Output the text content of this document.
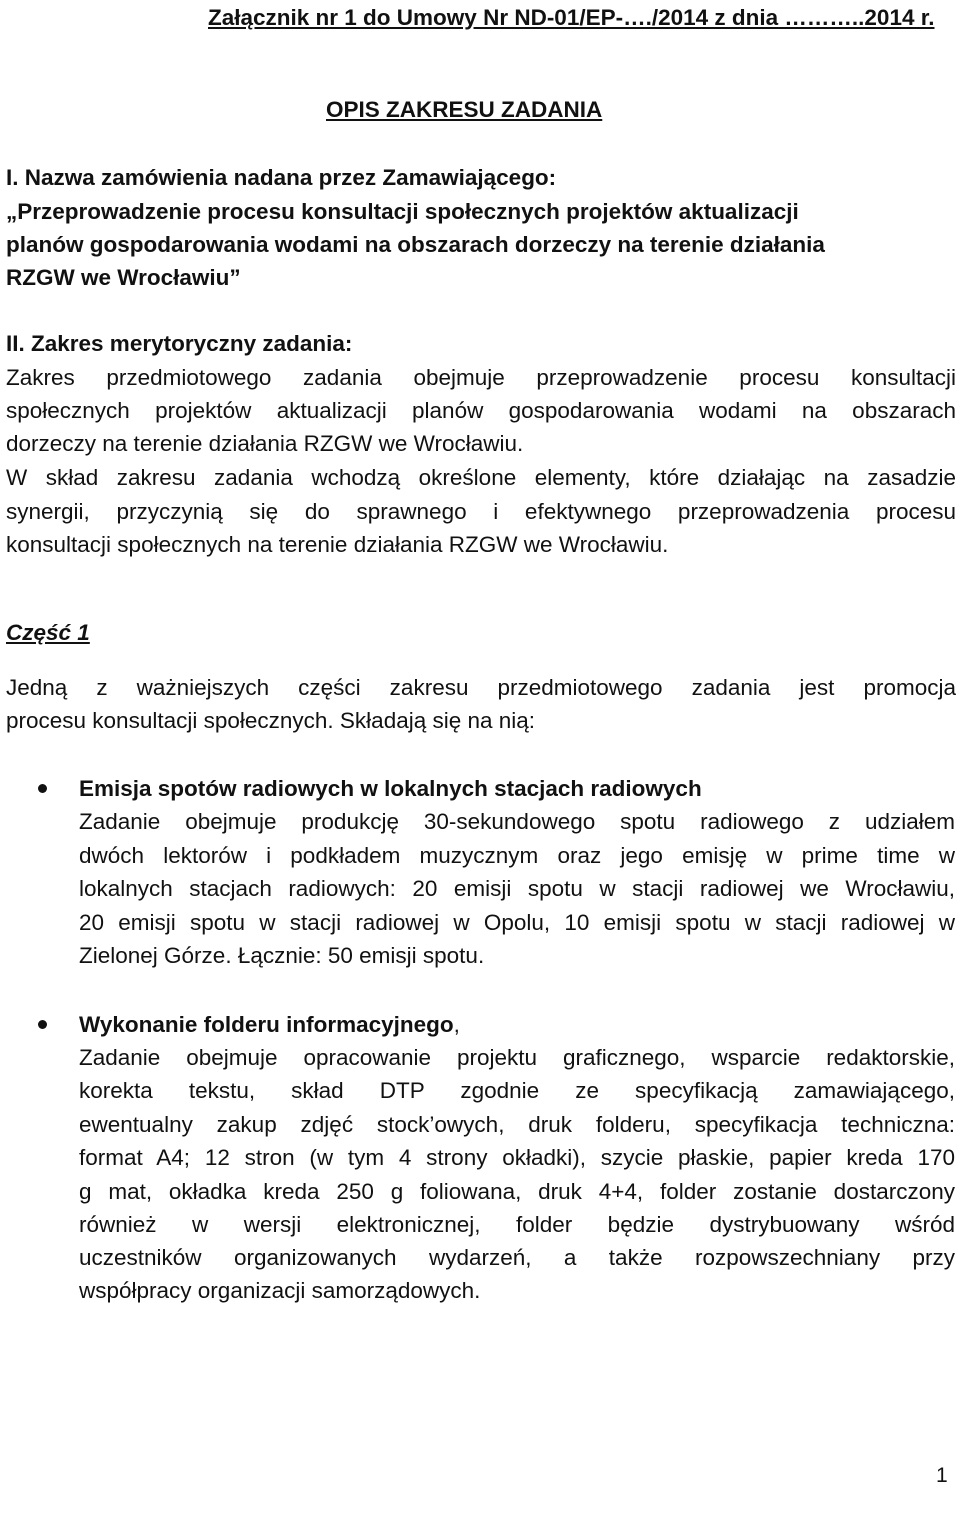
Załącznik nr 1 do Umowy Nr ND-01/EP-…./2014 z dnia ………..2014 r.
OPIS ZAKRESU ZADANIA
I. Nazwa zamówienia nadana przez Zamawiającego:
„Przeprowadzenie procesu konsultacji społecznych projektów aktualizacji
planów gospodarowania wodami na obszarach dorzeczy na terenie działania
RZGW we Wrocławiu”
II. Zakres merytoryczny zadania:
Zakres przedmiotowego zadania obejmuje przeprowadzenie procesu konsultacji
społecznych projektów aktualizacji planów gospodarowania wodami na obszarach
dorzeczy na terenie działania RZGW we Wrocławiu.
W skład zakresu zadania wchodzą określone elementy, które działając na zasadzie
synergii, przyczynią się do sprawnego i efektywnego przeprowadzenia procesu
konsultacji społecznych na terenie działania RZGW we Wrocławiu.
Część 1
Jedną z ważniejszych części zakresu przedmiotowego zadania jest promocja
procesu konsultacji społecznych. Składają się na nią:
Emisja spotów radiowych w lokalnych stacjach radiowych
Zadanie obejmuje produkcję 30-sekundowego spotu radiowego z udziałem
dwóch lektorów i podkładem muzycznym oraz jego emisję w prime time w
lokalnych stacjach radiowych: 20 emisji spotu w stacji radiowej we Wrocławiu,
20 emisji spotu w stacji radiowej w Opolu, 10 emisji spotu w stacji radiowej w
Zielonej Górze. Łącznie: 50 emisji spotu.
Wykonanie folderu informacyjnego,
Zadanie obejmuje opracowanie projektu graficznego, wsparcie redaktorskie,
korekta tekstu, skład DTP zgodnie ze specyfikacją zamawiającego,
ewentualny zakup zdjęć stock’owych, druk folderu, specyfikacja techniczna:
format A4; 12 stron (w tym 4 strony okładki), szycie płaskie, papier kreda 170
g mat, okładka kreda 250 g foliowana, druk 4+4, folder zostanie dostarczony
również w wersji elektronicznej, folder będzie dystrybuowany wśród
uczestników organizowanych wydarzeń, a także rozpowszechniany przy
współpracy organizacji samorządowych.
1
